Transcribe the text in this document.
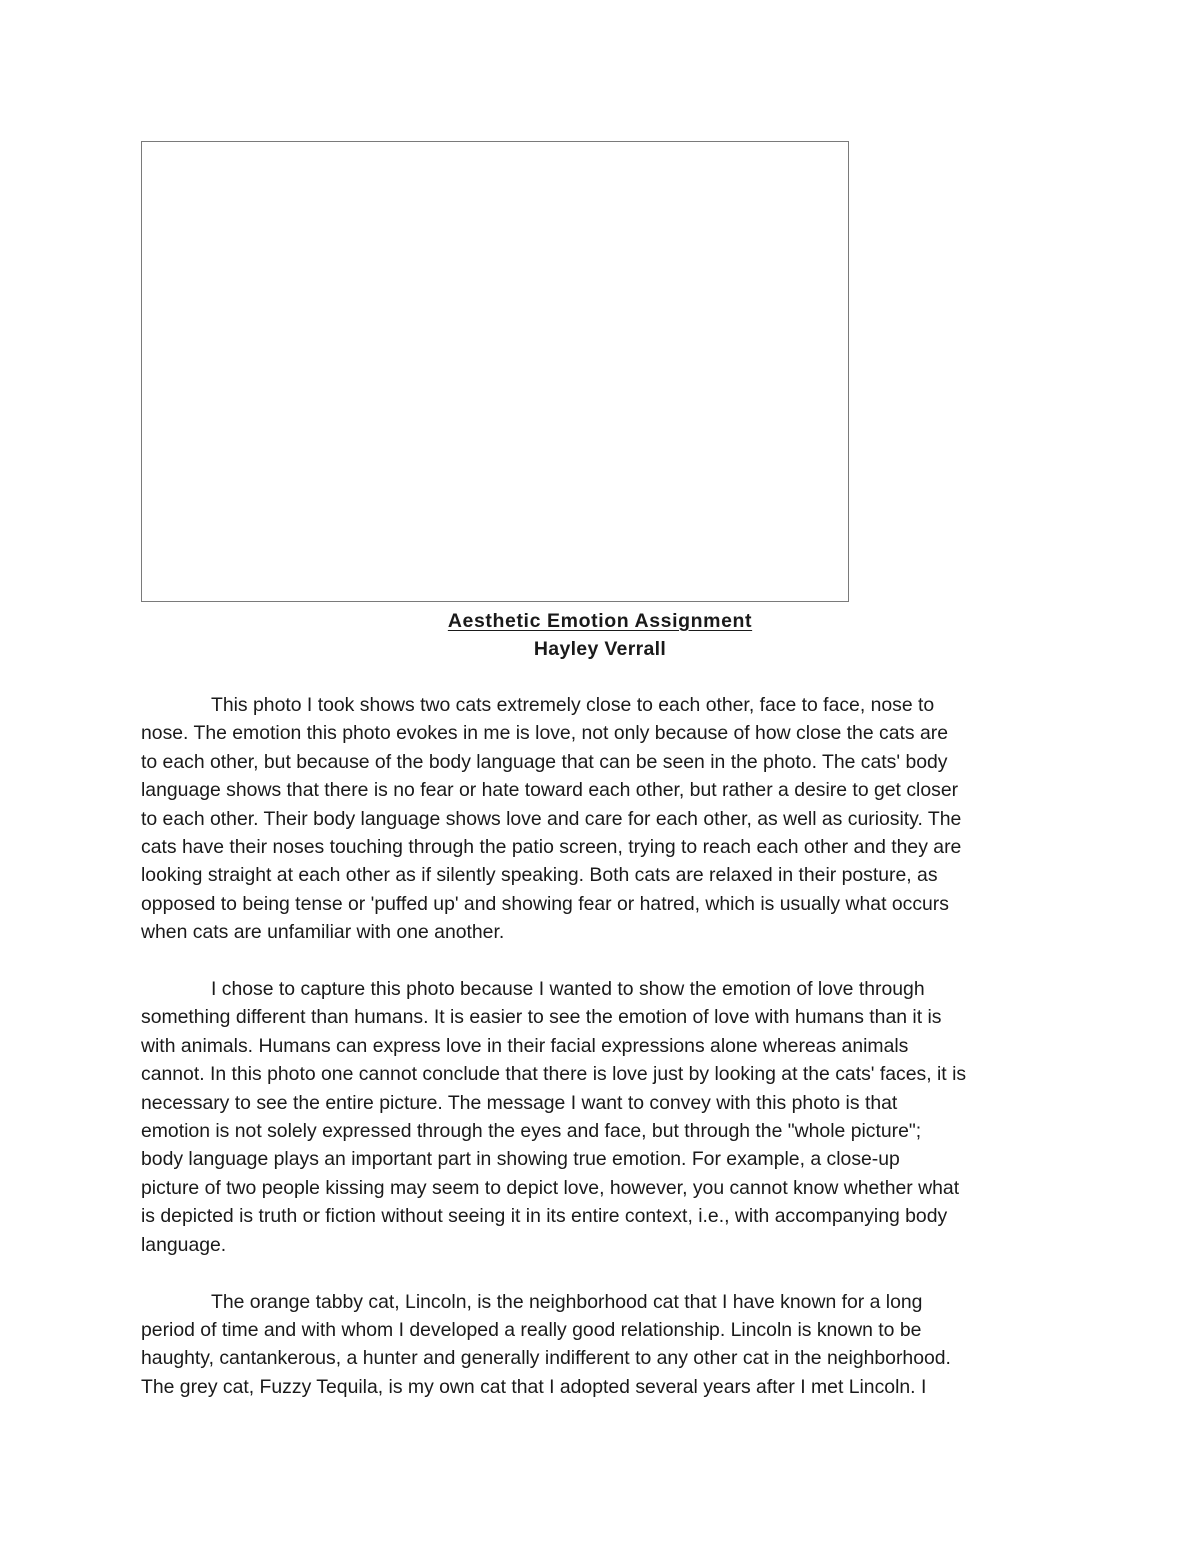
Aesthetic Emotion Assignment
Hayley Verrall

This photo I took shows two cats extremely close to each other, face to face, nose to
nose. The emotion this photo evokes in me is love, not only because of how close the cats are
to each other, but because of the body language that can be seen in the photo. The cats' body
language shows that there is no fear or hate toward each other, but rather a desire to get closer
to each other. Their body language shows love and care for each other, as well as curiosity. The
cats have their noses touching through the patio screen, trying to reach each other and they are
looking straight at each other as if silently speaking. Both cats are relaxed in their posture, as
opposed to being tense or 'puffed up' and showing fear or hatred, which is usually what occurs
when cats are unfamiliar with one another.

I chose to capture this photo because I wanted to show the emotion of love through
something different than humans. It is easier to see the emotion of love with humans than it is
with animals. Humans can express love in their facial expressions alone whereas animals
cannot. In this photo one cannot conclude that there is love just by looking at the cats' faces, it is
necessary to see the entire picture. The message I want to convey with this photo is that
emotion is not solely expressed through the eyes and face, but through the "whole picture";
body language plays an important part in showing true emotion. For example, a close-up
picture of two people kissing may seem to depict love, however, you cannot know whether what
is depicted is truth or fiction without seeing it in its entire context, i.e., with accompanying body
language.

The orange tabby cat, Lincoln, is the neighborhood cat that I have known for a long
period of time and with whom I developed a really good relationship. Lincoln is known to be
haughty, cantankerous, a hunter and generally indifferent to any other cat in the neighborhood.
The grey cat, Fuzzy Tequila, is my own cat that I adopted several years after I met Lincoln. I
